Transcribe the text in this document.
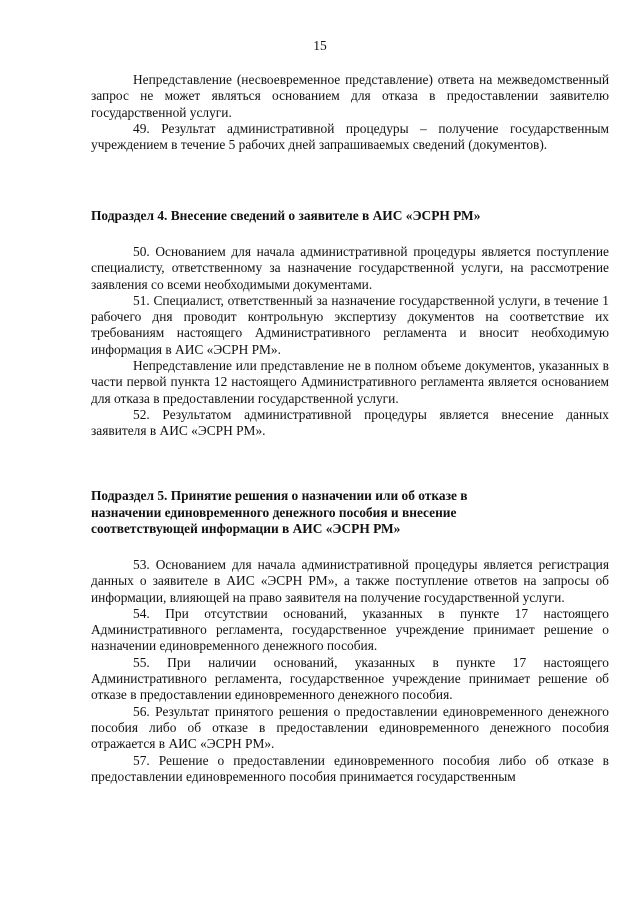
15

Непредставление (несвоевременное представление) ответа на межведомственный запрос не может являться основанием для отказа в предоставлении заявителю государственной услуги.

49. Результат административной процедуры – получение государственным учреждением в течение 5 рабочих дней запрашиваемых сведений (документов).

Подраздел 4. Внесение сведений о заявителе в АИС «ЭСРН РМ»

50. Основанием для начала административной процедуры является поступление специалисту, ответственному за назначение государственной услуги, на рассмотрение заявления со всеми необходимыми документами.

51. Специалист, ответственный за назначение государственной услуги, в течение 1 рабочего дня проводит контрольную экспертизу документов на соответствие их требованиям настоящего Административного регламента и вносит необходимую информация в АИС «ЭСРН РМ».

Непредставление или представление не в полном объеме документов, указанных в части первой пункта 12 настоящего Административного регламента является основанием для отказа в предоставлении государственной услуги.

52. Результатом административной процедуры является внесение данных заявителя в АИС «ЭСРН РМ».

Подраздел 5. Принятие решения о назначении или об отказе в

назначении единовременного денежного пособия и внесение

соответствующей информации в АИС «ЭСРН РМ»

53. Основанием для начала административной процедуры является регистрация данных о заявителе в АИС «ЭСРН РМ», а также поступление ответов на запросы об информации, влияющей на право заявителя на получение государственной услуги.

54. При отсутствии оснований, указанных в пункте 17 настоящего Административного регламента, государственное учреждение принимает решение о назначении единовременного денежного пособия.

55. При наличии оснований, указанных в пункте 17 настоящего Административного регламента, государственное учреждение принимает решение об отказе в предоставлении единовременного денежного пособия.

56. Результат принятого решения о предоставлении единовременного денежного пособия либо об отказе в предоставлении единовременного денежного пособия отражается в АИС «ЭСРН РМ».

57. Решение о предоставлении единовременного пособия либо об отказе в предоставлении единовременного пособия принимается государственным
